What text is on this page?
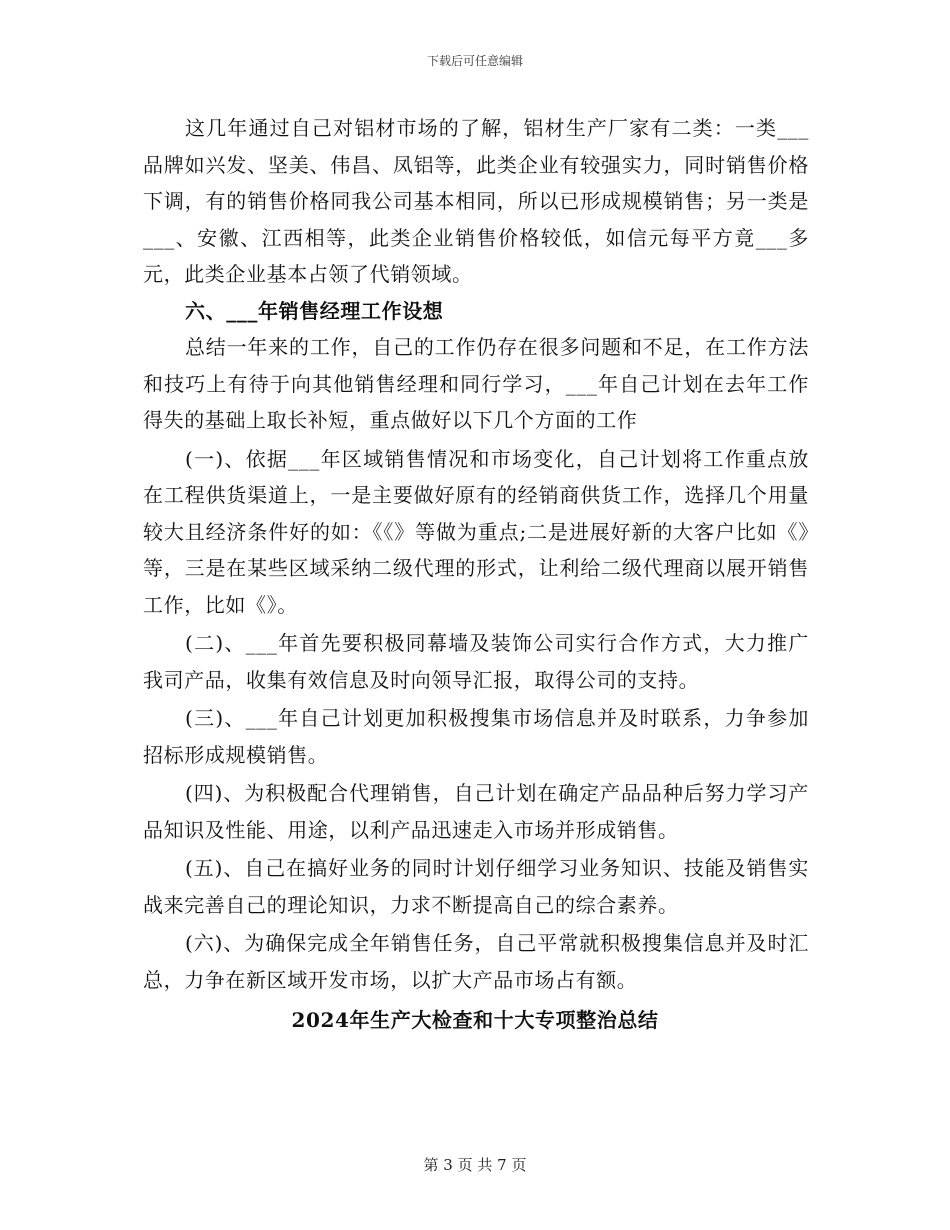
下载后可任意编辑

这几年通过自己对铝材市场的了解，铝材生产厂家有二类：一类___品牌如兴发、坚美、伟昌、凤铝等，此类企业有较强实力，同时销售价格下调，有的销售价格同我公司基本相同，所以已形成规模销售；另一类是___、安徽、江西相等，此类企业销售价格较低，如信元每平方竟___多元，此类企业基本占领了代销领域。

六、___年销售经理工作设想

总结一年来的工作，自己的工作仍存在很多问题和不足，在工作方法和技巧上有待于向其他销售经理和同行学习，___年自己计划在去年工作得失的基础上取长补短，重点做好以下几个方面的工作

(一)、依据___年区域销售情况和市场变化，自己计划将工作重点放在工程供货渠道上，一是主要做好原有的经销商供货工作，选择几个用量较大且经济条件好的如：《《》等做为重点;二是进展好新的大客户比如《》等，三是在某些区域采纳二级代理的形式，让利给二级代理商以展开销售工作，比如《》。

(二)、___年首先要积极同幕墙及装饰公司实行合作方式，大力推广我司产品，收集有效信息及时向领导汇报，取得公司的支持。

(三)、___年自己计划更加积极搜集市场信息并及时联系，力争参加招标形成规模销售。

(四)、为积极配合代理销售，自己计划在确定产品品种后努力学习产品知识及性能、用途，以利产品迅速走入市场并形成销售。

(五)、自己在搞好业务的同时计划仔细学习业务知识、技能及销售实战来完善自己的理论知识，力求不断提高自己的综合素养。

(六)、为确保完成全年销售任务，自己平常就积极搜集信息并及时汇总，力争在新区域开发市场，以扩大产品市场占有额。

2024年生产大检查和十大专项整治总结
第 3 页 共 7 页
